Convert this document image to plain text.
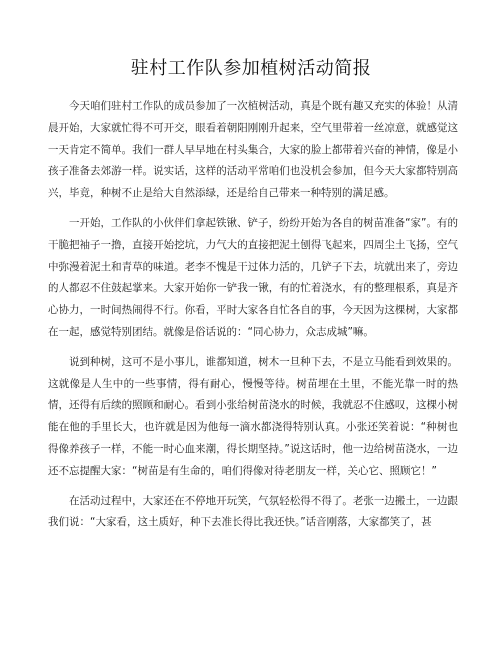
驻村工作队参加植树活动简报

今天咱们驻村工作队的成员参加了一次植树活动，真是个既有趣又充实的体验！从清晨开始，大家就忙得不可开交，眼看着朝阳刚刚升起来，空气里带着一丝凉意，就感觉这一天肯定不简单。我们一群人早早地在村头集合，大家的脸上都带着兴奋的神情，像是小孩子准备去郊游一样。说实话，这样的活动平常咱们也没机会参加，但今天大家都特别高兴，毕竟，种树不止是给大自然添绿，还是给自己带来一种特别的满足感。

一开始，工作队的小伙伴们拿起铁锹、铲子，纷纷开始为各自的树苗准备“家”。有的干脆把袖子一撸，直接开始挖坑，力气大的直接把泥土刨得飞起来，四周尘土飞扬，空气中弥漫着泥土和青草的味道。老李不愧是干过体力活的，几铲子下去，坑就出来了，旁边的人都忍不住鼓起掌来。大家开始你一铲我一锹，有的忙着浇水，有的整理根系，真是齐心协力，一时间热闹得不行。你看，平时大家各自忙各自的事，今天因为这棵树，大家都在一起，感觉特别团结。就像是俗话说的：“同心协力，众志成城”嘛。

说到种树，这可不是小事儿，谁都知道，树木一旦种下去，不是立马能看到效果的。这就像是人生中的一些事情，得有耐心，慢慢等待。树苗埋在土里，不能光靠一时的热情，还得有后续的照顾和耐心。看到小张给树苗浇水的时候，我就忍不住感叹，这棵小树能在他的手里长大，也许就是因为他每一滴水都浇得特别认真。小张还笑着说：“种树也得像养孩子一样，不能一时心血来潮，得长期坚持。”说这话时，他一边给树苗浇水，一边还不忘提醒大家：“树苗是有生命的，咱们得像对待老朋友一样，关心它、照顾它！”

在活动过程中，大家还在不停地开玩笑，气氛轻松得不得了。老张一边搬土，一边跟我们说：“大家看，这土质好，种下去准长得比我还快。”话音刚落，大家都笑了，甚
